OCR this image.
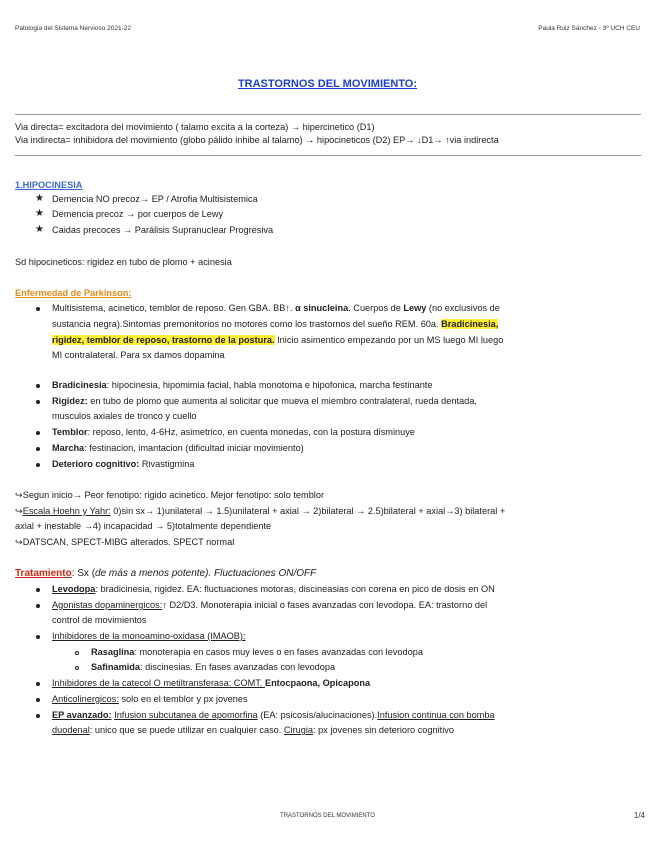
Patologia del Sistema Nervioso 2021-22	Paula Ruiz Sánchez - 3º UCH CEU
TRASTORNOS DEL MOVIMIENTO:
Via directa= excitadora del movimiento ( talamo excita a la corteza) → hipercinetico (D1)
Via indirecta= inhibidora del movimiento (globo pálido inhibe al talamo) → hipocineticos (D2) EP→ ↓D1→ ↑via indirecta
1.HIPOCINESIA
★ Demencia NO precoz→ EP / Atrofia Multisistemica
★ Demencia precoz → por cuerpos de Lewy
★ Caidas precoces → Parálisis Supranuclear Progresiva
Sd hipocineticos: rigidez en tubo de plomo + acinesia
Enfermedad de Parkinson:
Multisistema, acinetico, temblor de reposo. Gen GBA. BB↑. α sinucleina. Cuerpos de Lewy (no exclusivos de
sustancia negra).Sintomas premonitorios no motores como los trastornos del sueño REM. 60a. Bradicinesia,
rigidez, temblor de reposo, trastorno de la postura. Inicio asimentico empezando por un MS luego MI luego
MI contralateral. Para sx damos dopamina
Bradicinesia: hipocinesia, hipomimia facial, habla monotoma e hipofonica, marcha festinante
Rigidez: en tubo de plomo que aumenta al solicitar que mueva el miembro contralateral, rueda dentada,
musculos axiales de tronco y cuello
Temblor: reposo, lento, 4-6Hz, asimetrico, en cuenta monedas, con la postura disminuye
Marcha: festinacion, imantacion (dificultad iniciar movimiento)
Deterioro cognitivo: Rivastigmina
↪Segun inicio→ Peor fenotipo: rigido acinetico. Mejor fenotipo: solo temblor
↪Escala Hoehn y Yahr: 0)sin sx→ 1)unilateral → 1.5)unilateral + axial → 2)bilateral → 2.5)bilateral + axial→3) bilateral +
axial + inestable →4) incapacidad → 5)totalmente dependiente
↪DATSCAN, SPECT-MIBG alterados. SPECT normal
Tratamiento: Sx (de más a menos potente). Fluctuaciones ON/OFF
Levodopa: bradicinesia, rigidez. EA: fluctuaciones motoras, discineasias con corena en pico de dosis en ON
Agonistas dopaminergicos:↑ D2/D3. Monoterapia inicial o fases avanzadas con levodopa. EA: trastorno del
control de movimientos
Inhibidores de la monoamino-oxidasa (IMAOB):
Rasaglina: monoterapia en casos muy leves o en fases avanzadas con levodopa
Safinamida: discinesias. En fases avanzadas con levodopa
Inhibidores de la catecol O metiltransferasa: COMT. Entocpaona, Opicapona
Anticolinergicos: solo en el temblor y px jovenes
EP avanzado: Infusion subcutanea de apomorfina (EA: psicosis/alucinaciones).Infusion continua con bomba
duodenal: unico que se puede utilizar en cualquier caso. Cirugia: px jovenes sin deterioro cognitivo
TRASTORNOS DEL MOVIMIENTO	1/4
